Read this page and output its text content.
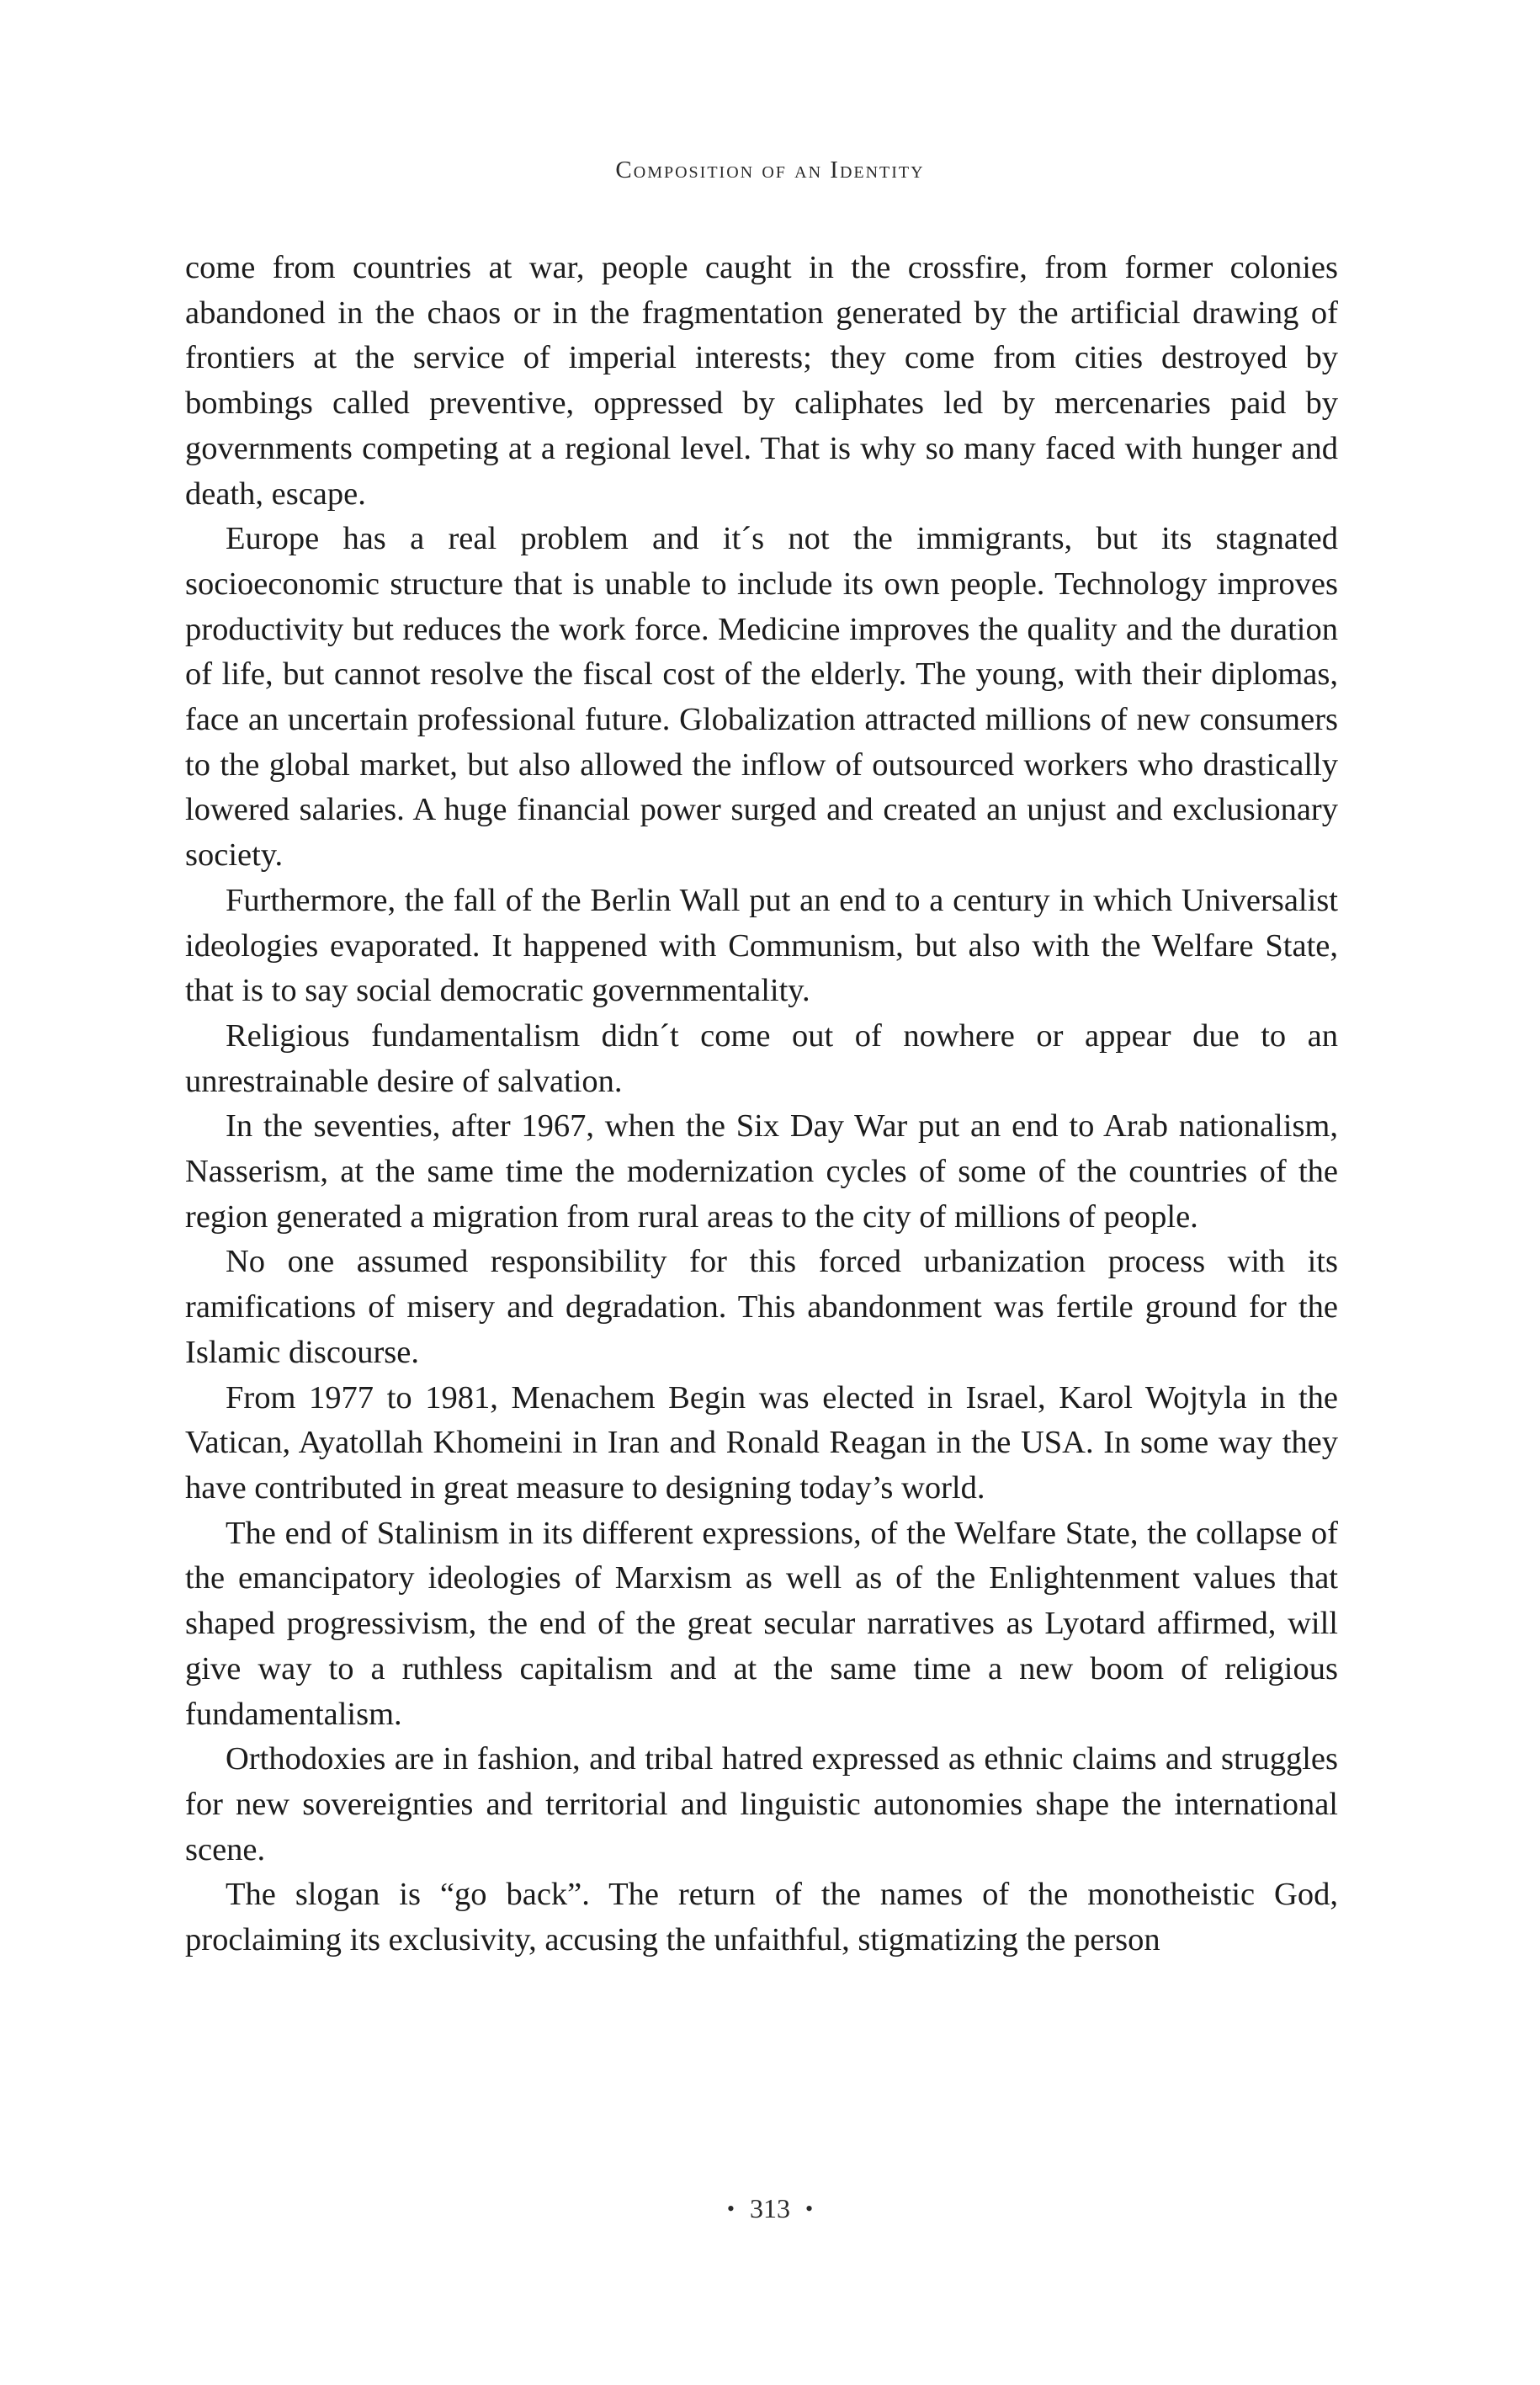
Composition of an Identity

come from countries at war, people caught in the crossfire, from former colonies abandoned in the chaos or in the fragmentation generated by the artificial drawing of frontiers at the service of imperial interests; they come from cities destroyed by bombings called preventive, oppressed by caliphates led by mercenaries paid by governments competing at a regional level. That is why so many faced with hunger and death, escape.

Europe has a real problem and it´s not the immigrants, but its stagnated socioeconomic structure that is unable to include its own people. Technology improves productivity but reduces the work force. Medicine improves the quality and the duration of life, but cannot resolve the fiscal cost of the elderly. The young, with their diplomas, face an uncertain professional future. Globalization attracted millions of new consumers to the global market, but also allowed the inflow of outsourced workers who drastically lowered salaries. A huge financial power surged and created an unjust and exclusionary society.

Furthermore, the fall of the Berlin Wall put an end to a century in which Universalist ideologies evaporated. It happened with Communism, but also with the Welfare State, that is to say social democratic governmentality.

Religious fundamentalism didn´t come out of nowhere or appear due to an unrestrainable desire of salvation.

In the seventies, after 1967, when the Six Day War put an end to Arab nationalism, Nasserism, at the same time the modernization cycles of some of the countries of the region generated a migration from rural areas to the city of millions of people.

No one assumed responsibility for this forced urbanization process with its ramifications of misery and degradation. This abandonment was fertile ground for the Islamic discourse.

From 1977 to 1981, Menachem Begin was elected in Israel, Karol Wojtyla in the Vatican, Ayatollah Khomeini in Iran and Ronald Reagan in the USA. In some way they have contributed in great measure to designing today’s world.

The end of Stalinism in its different expressions, of the Welfare State, the collapse of the emancipatory ideologies of Marxism as well as of the Enlightenment values that shaped progressivism, the end of the great secular narratives as Lyotard affirmed, will give way to a ruthless capitalism and at the same time a new boom of religious fundamentalism.

Orthodoxies are in fashion, and tribal hatred expressed as ethnic claims and struggles for new sovereignties and territorial and linguistic autonomies shape the international scene.

The slogan is “go back”. The return of the names of the monotheistic God, proclaiming its exclusivity, accusing the unfaithful, stigmatizing the person

• 313 •
